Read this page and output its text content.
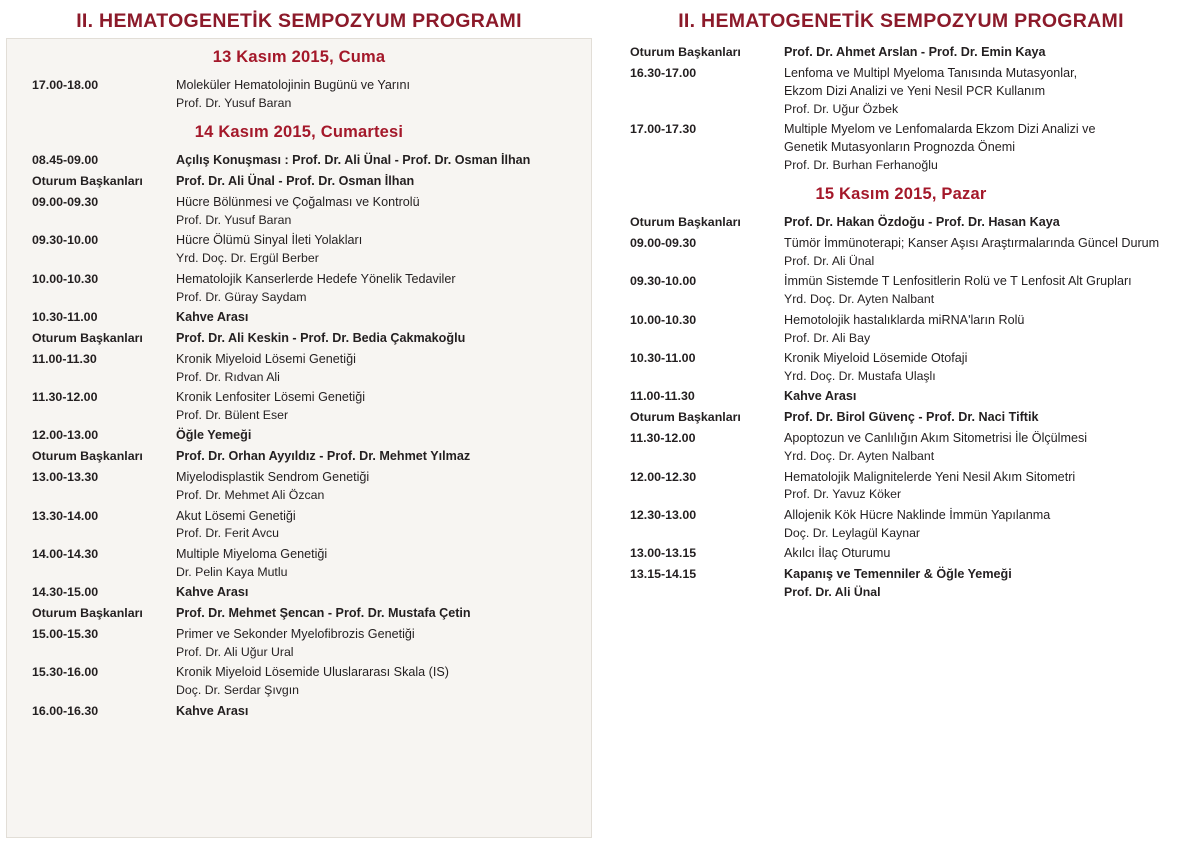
II. HEMATOGENETİK SEMPOZYUM PROGRAMI
13 Kasım 2015, Cuma
17.00-18.00	Moleküler Hematolojinin Bugünü ve Yarını
Prof. Dr. Yusuf Baran
14 Kasım 2015, Cumartesi
08.45-09.00	Açılış Konuşması : Prof. Dr. Ali Ünal - Prof. Dr. Osman İlhan
Oturum Başkanları	Prof. Dr. Ali Ünal - Prof. Dr. Osman İlhan
09.00-09.30	Hücre Bölünmesi ve Çoğalması ve Kontrolü
Prof. Dr. Yusuf Baran
09.30-10.00	Hücre Ölümü Sinyal İleti Yolakları
Yrd. Doç. Dr. Ergül Berber
10.00-10.30	Hematolojik Kanserlerde Hedefe Yönelik Tedaviler
Prof. Dr. Güray Saydam
10.30-11.00	Kahve Arası
Oturum Başkanları	Prof. Dr. Ali Keskin - Prof. Dr. Bedia Çakmakoğlu
11.00-11.30	Kronik Miyeloid Lösemi Genetiği
Prof. Dr. Rıdvan Ali
11.30-12.00	Kronik Lenfositer Lösemi Genetiği
Prof. Dr. Bülent Eser
12.00-13.00	Öğle Yemeği
Oturum Başkanları	Prof. Dr. Orhan Ayyıldız - Prof. Dr. Mehmet Yılmaz
13.00-13.30	Miyelodisplastik Sendrom Genetiği
Prof. Dr. Mehmet Ali Özcan
13.30-14.00	Akut Lösemi Genetiği
Prof. Dr. Ferit Avcu
14.00-14.30	Multiple Miyeloma Genetiği
Dr. Pelin Kaya Mutlu
14.30-15.00	Kahve Arası
Oturum Başkanları	Prof. Dr. Mehmet Şencan - Prof. Dr. Mustafa Çetin
15.00-15.30	Primer ve Sekonder Myelofibrozis Genetiği
Prof. Dr. Ali Uğur Ural
15.30-16.00	Kronik Miyeloid Lösemide Uluslararası Skala (IS)
Doç. Dr. Serdar Şıvgın
16.00-16.30	Kahve Arası
II. HEMATOGENETİK SEMPOZYUM PROGRAMI
Oturum Başkanları	Prof. Dr. Ahmet Arslan - Prof. Dr. Emin Kaya
16.30-17.00	Lenfoma ve Multipl Myeloma Tanısında Mutasyonlar,
Ekzom Dizi Analizi ve Yeni Nesil PCR Kullanım
Prof. Dr. Uğur Özbek
17.00-17.30	Multiple Myelom ve Lenfomalarda Ekzom Dizi Analizi ve
Genetik Mutasyonların Prognozda Önemi
Prof. Dr. Burhan Ferhanoğlu
15 Kasım 2015, Pazar
Oturum Başkanları	Prof. Dr. Hakan Özdoğu - Prof. Dr. Hasan Kaya
09.00-09.30	Tümör İmmünoterapi; Kanser Aşısı Araştırmalarında Güncel Durum
Prof. Dr. Ali Ünal
09.30-10.00	İmmün Sistemde T Lenfositlerin Rolü ve T Lenfosit Alt Grupları
Yrd. Doç. Dr. Ayten Nalbant
10.00-10.30	Hemotolojik hastalıklarda miRNA'ların Rolü
Prof. Dr. Ali Bay
10.30-11.00	Kronik Miyeloid Lösemide Otofaji
Yrd. Doç. Dr. Mustafa Ulaşlı
11.00-11.30	Kahve Arası
Oturum Başkanları	Prof. Dr. Birol Güvenç - Prof. Dr. Naci Tiftik
11.30-12.00	Apoptozun ve Canlılığın Akım Sitometrisi İle Ölçülmesi
Yrd. Doç. Dr. Ayten Nalbant
12.00-12.30	Hematolojik Malignitelerde Yeni Nesil Akım Sitometri
Prof. Dr. Yavuz Köker
12.30-13.00	Allojenik Kök Hücre Naklinde İmmün Yapılanma
Doç. Dr. Leylagül Kaynar
13.00-13.15	Akılcı İlaç Oturumu
13.15-14.15	Kapanış ve Temenniler & Öğle Yemeği
Prof. Dr. Ali Ünal
